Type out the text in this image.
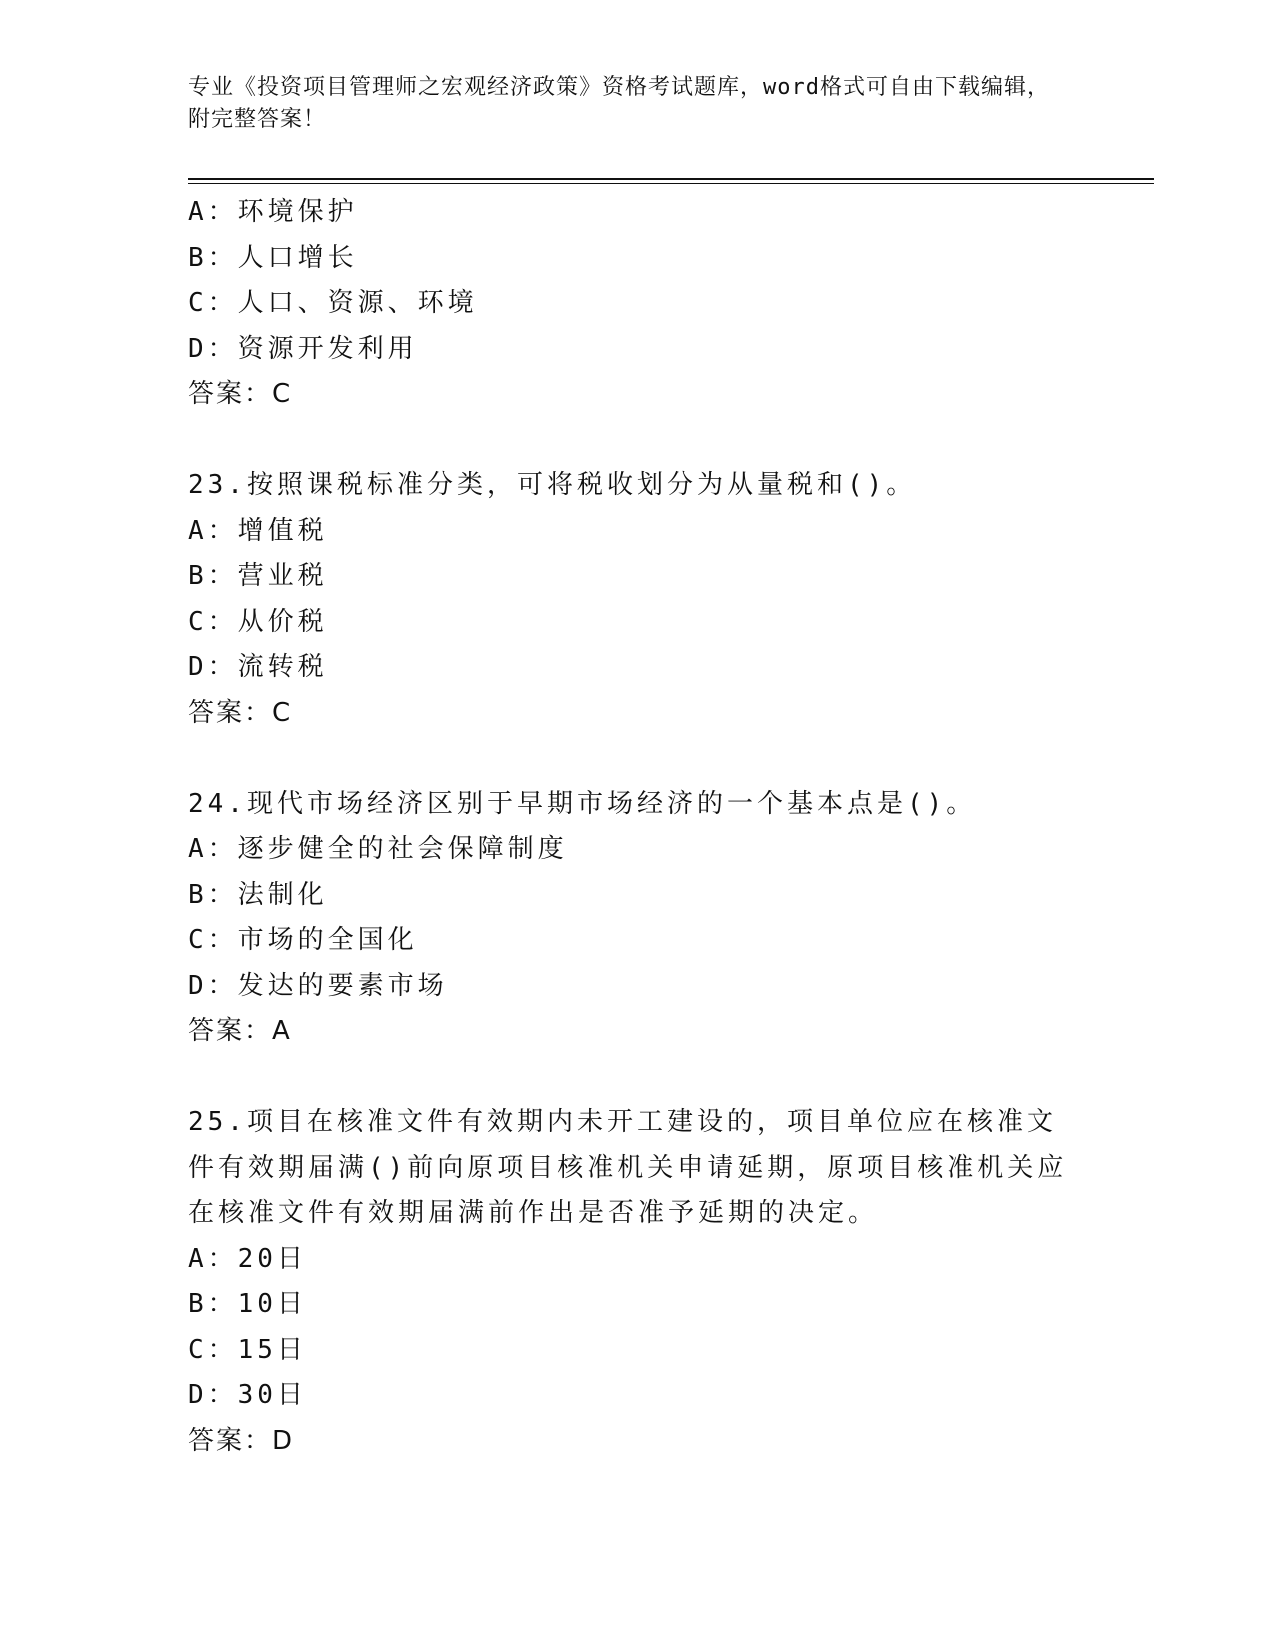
专业《投资项目管理师之宏观经济政策》资格考试题库，word格式可自由下载编辑，附完整答案！
A：环境保护
B：人口增长
C：人口、资源、环境
D：资源开发利用
答案：C
23.按照课税标准分类，可将税收划分为从量税和()。
A：增值税
B：营业税
C：从价税
D：流转税
答案：C
24.现代市场经济区别于早期市场经济的一个基本点是()。
A：逐步健全的社会保障制度
B：法制化
C：市场的全国化
D：发达的要素市场
答案：A
25.项目在核准文件有效期内未开工建设的，项目单位应在核准文件有效期届满()前向原项目核准机关申请延期，原项目核准机关应在核准文件有效期届满前作出是否准予延期的决定。
A：20日
B：10日
C：15日
D：30日
答案：D
